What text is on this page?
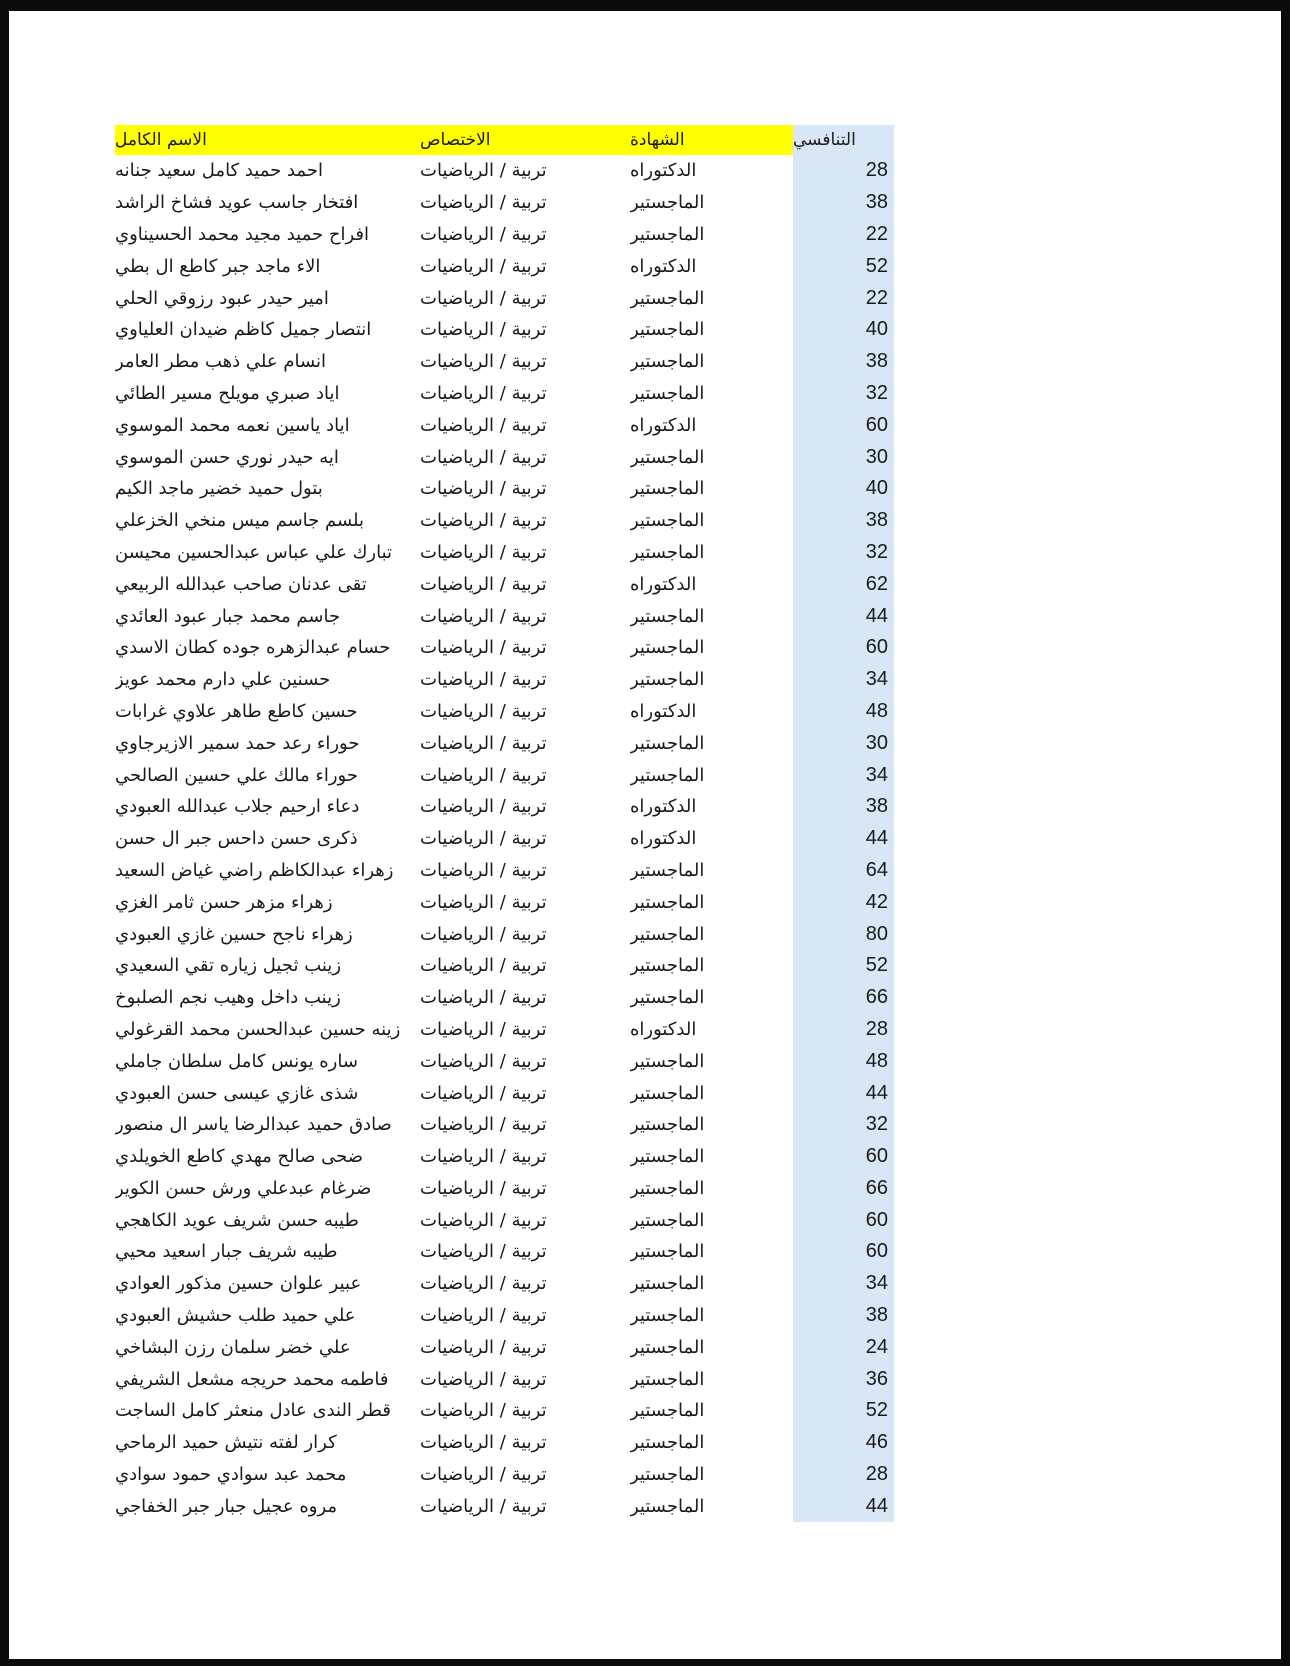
الاسم الكامل	الاختصاص	الشهادة	التنافسي
احمد حميد كامل سعيد جنانه	تربية / الرياضيات	الدكتوراه	28
افتخار جاسب عويد فشاخ الراشد	تربية / الرياضيات	الماجستير	38
افراح حميد مجيد محمد الحسيناوي	تربية / الرياضيات	الماجستير	22
الاء ماجد جبر كاطع ال بطي	تربية / الرياضيات	الدكتوراه	52
امير حيدر عبود رزوقي الحلي	تربية / الرياضيات	الماجستير	22
انتصار جميل كاظم ضيدان العلياوي	تربية / الرياضيات	الماجستير	40
انسام علي ذهب مطر العامر	تربية / الرياضيات	الماجستير	38
اياد صبري مويلح مسير الطائي	تربية / الرياضيات	الماجستير	32
اياد ياسين نعمه محمد الموسوي	تربية / الرياضيات	الدكتوراه	60
ايه حيدر نوري حسن الموسوي	تربية / الرياضيات	الماجستير	30
بتول حميد خضير ماجد الكيم	تربية / الرياضيات	الماجستير	40
بلسم جاسم ميس منخي الخزعلي	تربية / الرياضيات	الماجستير	38
تبارك علي عباس عبدالحسين محيسن	تربية / الرياضيات	الماجستير	32
تقى عدنان صاحب عبدالله الربيعي	تربية / الرياضيات	الدكتوراه	62
جاسم محمد جبار عبود العائدي	تربية / الرياضيات	الماجستير	44
حسام عبدالزهره جوده كطان الاسدي	تربية / الرياضيات	الماجستير	60
حسنين علي دارم محمد عويز	تربية / الرياضيات	الماجستير	34
حسين كاطع طاهر علاوي غرابات	تربية / الرياضيات	الدكتوراه	48
حوراء رعد حمد سمير الازيرجاوي	تربية / الرياضيات	الماجستير	30
حوراء مالك علي حسين الصالحي	تربية / الرياضيات	الماجستير	34
دعاء ارحيم جلاب عبدالله العبودي	تربية / الرياضيات	الدكتوراه	38
ذكرى حسن داحس جبر ال حسن	تربية / الرياضيات	الدكتوراه	44
زهراء عبدالكاظم راضي غياض السعيد	تربية / الرياضيات	الماجستير	64
زهراء مزهر حسن ثامر الغزي	تربية / الرياضيات	الماجستير	42
زهراء ناجح حسين غازي العبودي	تربية / الرياضيات	الماجستير	80
زينب ثجيل زياره تقي السعيدي	تربية / الرياضيات	الماجستير	52
زينب داخل وهيب نجم الصلبوخ	تربية / الرياضيات	الماجستير	66
زينه حسين عبدالحسن محمد القرغولي	تربية / الرياضيات	الدكتوراه	28
ساره يونس كامل سلطان جاملي	تربية / الرياضيات	الماجستير	48
شذى غازي عيسى حسن العبودي	تربية / الرياضيات	الماجستير	44
صادق حميد عبدالرضا ياسر ال منصور	تربية / الرياضيات	الماجستير	32
ضحى صالح مهدي كاطع الخويلدي	تربية / الرياضيات	الماجستير	60
ضرغام عبدعلي ورش حسن الكوير	تربية / الرياضيات	الماجستير	66
طيبه حسن شريف عويد الكاهجي	تربية / الرياضيات	الماجستير	60
طيبه شريف جبار اسعيد محيي	تربية / الرياضيات	الماجستير	60
عبير علوان حسين مذكور العوادي	تربية / الرياضيات	الماجستير	34
علي حميد طلب حشيش العبودي	تربية / الرياضيات	الماجستير	38
علي خضر سلمان رزن البشاخي	تربية / الرياضيات	الماجستير	24
فاطمه محمد حريجه مشعل الشريفي	تربية / الرياضيات	الماجستير	36
قطر الندى عادل منعثر كامل الساجت	تربية / الرياضيات	الماجستير	52
كرار لفته نتيش حميد الرماحي	تربية / الرياضيات	الماجستير	46
محمد عبد سوادي حمود سوادي	تربية / الرياضيات	الماجستير	28
مروه عجيل جبار جبر الخفاجي	تربية / الرياضيات	الماجستير	44
